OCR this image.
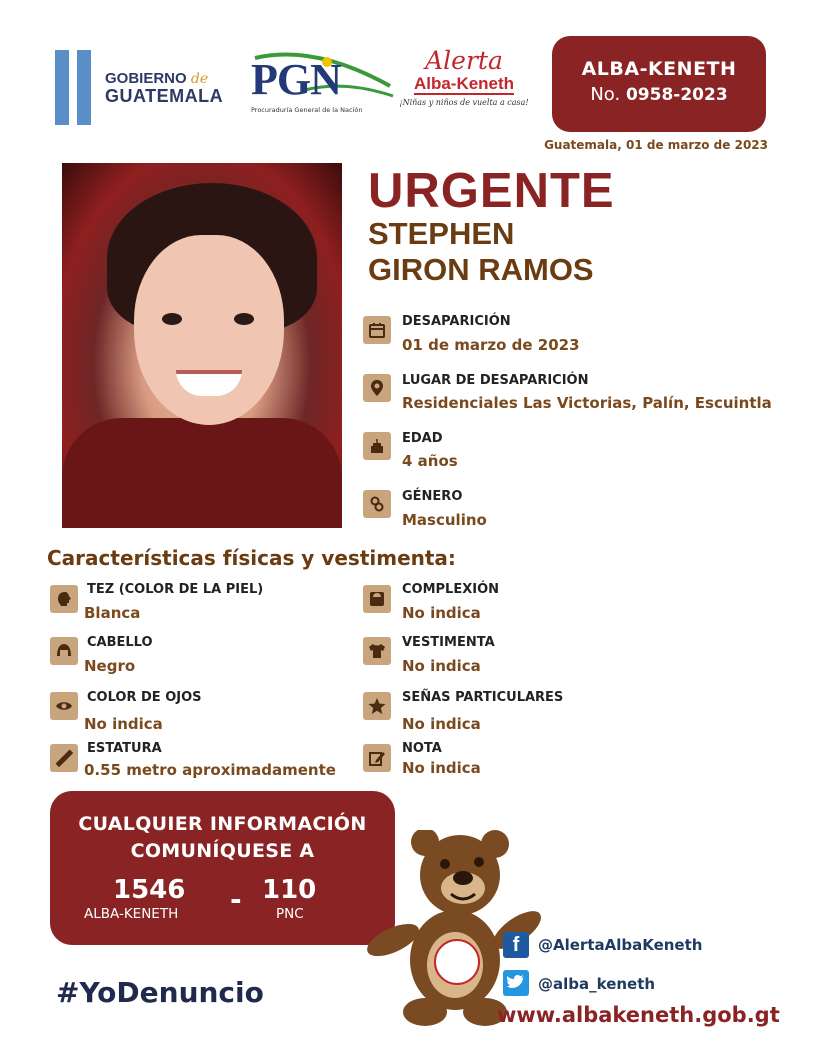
GOBIERNO de
GUATEMALA PGN
Procuraduría General de la Nación
Alerta
Alba-Keneth
¡Niñas y niños de vuelta a casa!
ALBA-KENETH
No. 0958-2023
Guatemala, 01 de marzo de 2023
URGENTE
STEPHEN
GIRON RAMOS
DESAPARICIÓN
01 de marzo de 2023
LUGAR DE DESAPARICIÓN
Residenciales Las Victorias, Palín, Escuintla
EDAD
4 años
GÉNERO
Masculino
Características físicas y vestimenta:
TEZ (COLOR DE LA PIEL)
Blanca
CABELLO
Negro
COLOR DE OJOS
No indica
ESTATURA
0.55 metro aproximadamente
COMPLEXIÓN
No indica
VESTIMENTA
No indica
SEÑAS PARTICULARES
No indica
NOTA
No indica
CUALQUIER INFORMACIÓN
COMUNÍQUESE A
1546
ALBA-KENETH - 110
PNC
f	@AlertaAlbaKeneth
@alba_keneth
www.albakeneth.gob.gt
#YoDenuncio
